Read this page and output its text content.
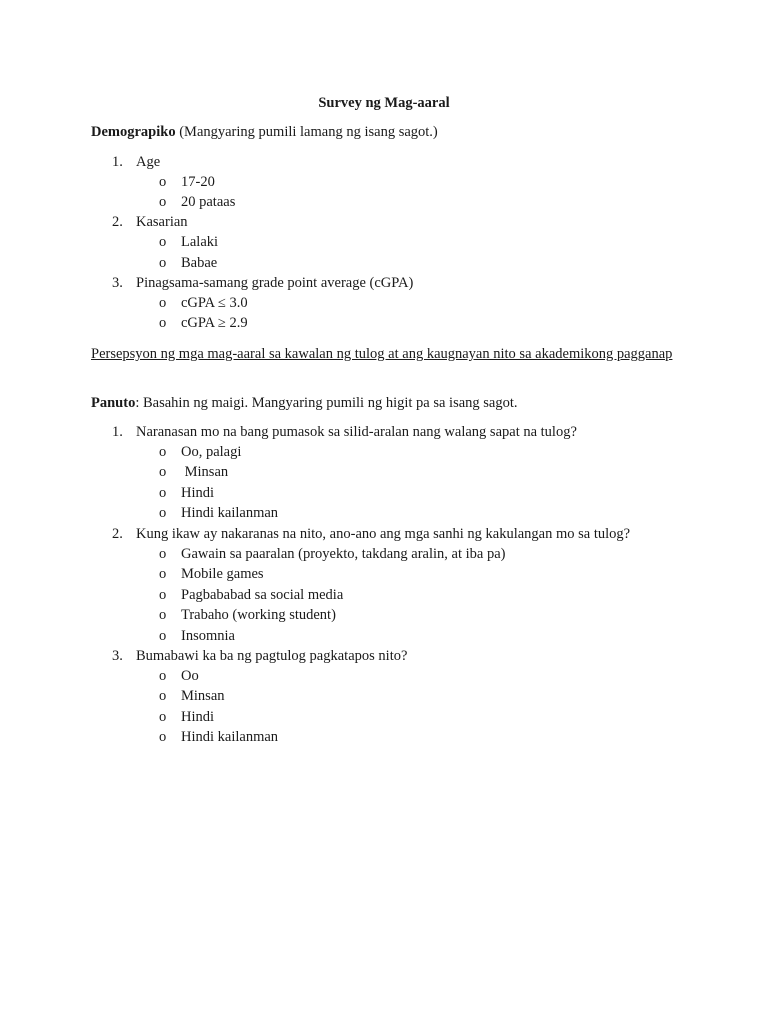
Survey ng Mag-aaral
Demograpiko (Mangyaring pumili lamang ng isang sagot.)
1. Age
o 17-20
o 20 pataas
2. Kasarian
o Lalaki
o Babae
3. Pinagsama-samang grade point average (cGPA)
o cGPA ≤ 3.0
o cGPA ≥ 2.9
Persepsyon ng mga mag-aaral sa kawalan ng tulog at ang kaugnayan nito sa akademikong pagganap
Panuto: Basahin ng maigi. Mangyaring pumili ng higit pa sa isang sagot.
1. Naranasan mo na bang pumasok sa silid-aralan nang walang sapat na tulog?
o Oo, palagi
o Minsan
o Hindi
o Hindi kailanman
2. Kung ikaw ay nakaranas na nito, ano-ano ang mga sanhi ng kakulangan mo sa tulog?
o Gawain sa paaralan (proyekto, takdang aralin, at iba pa)
o Mobile games
o Pagbababad sa social media
o Trabaho (working student)
o Insomnia
3. Bumabawi ka ba ng pagtulog pagkatapos nito?
o Oo
o Minsan
o Hindi
o Hindi kailanman
